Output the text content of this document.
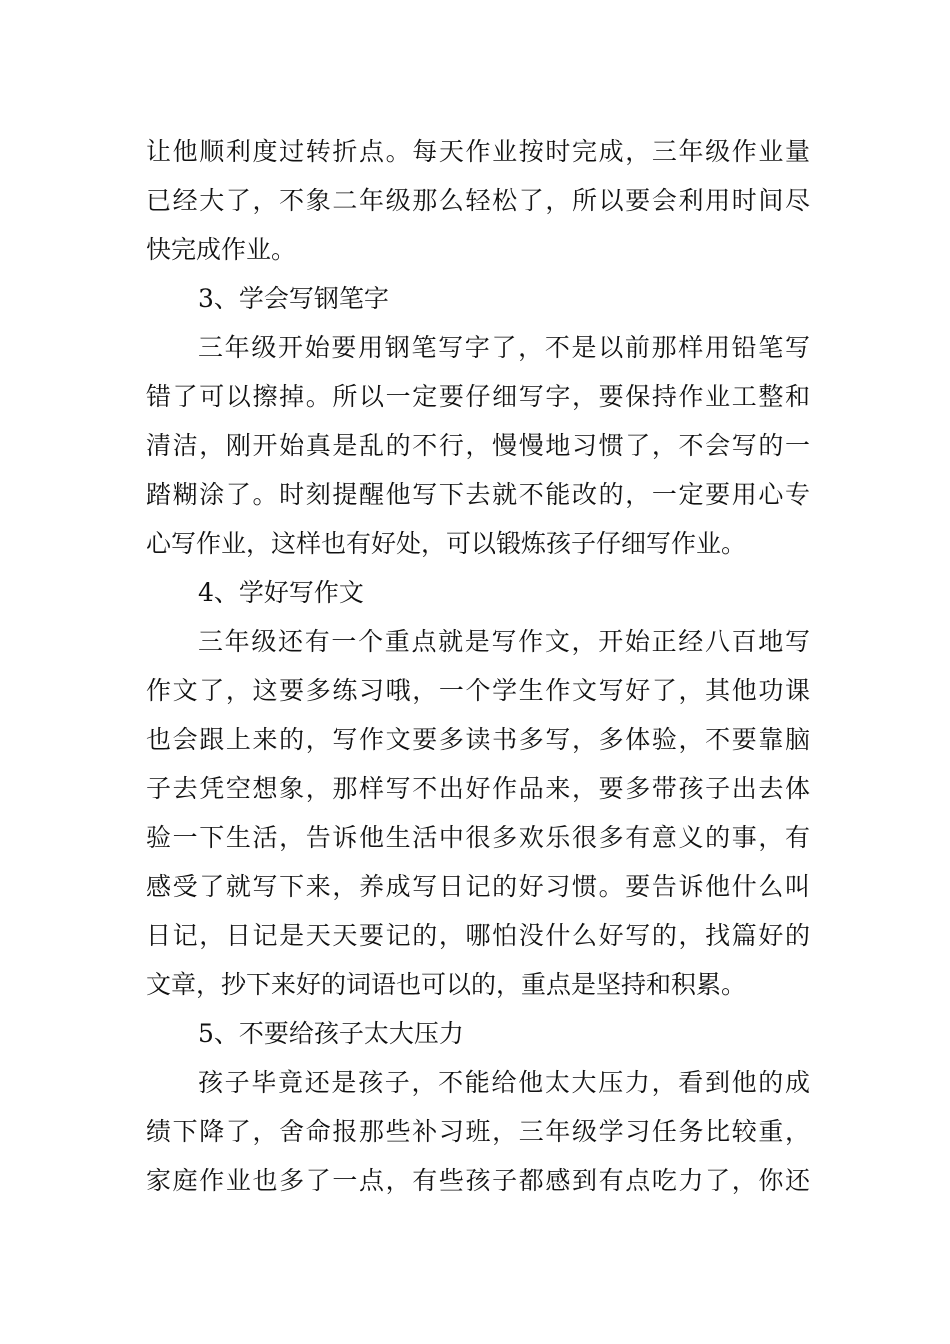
让他顺利度过转折点。每天作业按时完成，三年级作业量
已经大了，不象二年级那么轻松了，所以要会利用时间尽
快完成作业。
3、学会写钢笔字
三年级开始要用钢笔写字了，不是以前那样用铅笔写
错了可以擦掉。所以一定要仔细写字，要保持作业工整和
清洁，刚开始真是乱的不行，慢慢地习惯了，不会写的一
踏糊涂了。时刻提醒他写下去就不能改的，一定要用心专
心写作业，这样也有好处，可以锻炼孩子仔细写作业。
4、学好写作文
三年级还有一个重点就是写作文，开始正经八百地写
作文了，这要多练习哦，一个学生作文写好了，其他功课
也会跟上来的，写作文要多读书多写，多体验，不要靠脑
子去凭空想象，那样写不出好作品来，要多带孩子出去体
验一下生活，告诉他生活中很多欢乐很多有意义的事，有
感受了就写下来，养成写日记的好习惯。要告诉他什么叫
日记，日记是天天要记的，哪怕没什么好写的，找篇好的
文章，抄下来好的词语也可以的，重点是坚持和积累。
5、不要给孩子太大压力
孩子毕竟还是孩子，不能给他太大压力，看到他的成
绩下降了，舍命报那些补习班，三年级学习任务比较重，
家庭作业也多了一点，有些孩子都感到有点吃力了，你还
